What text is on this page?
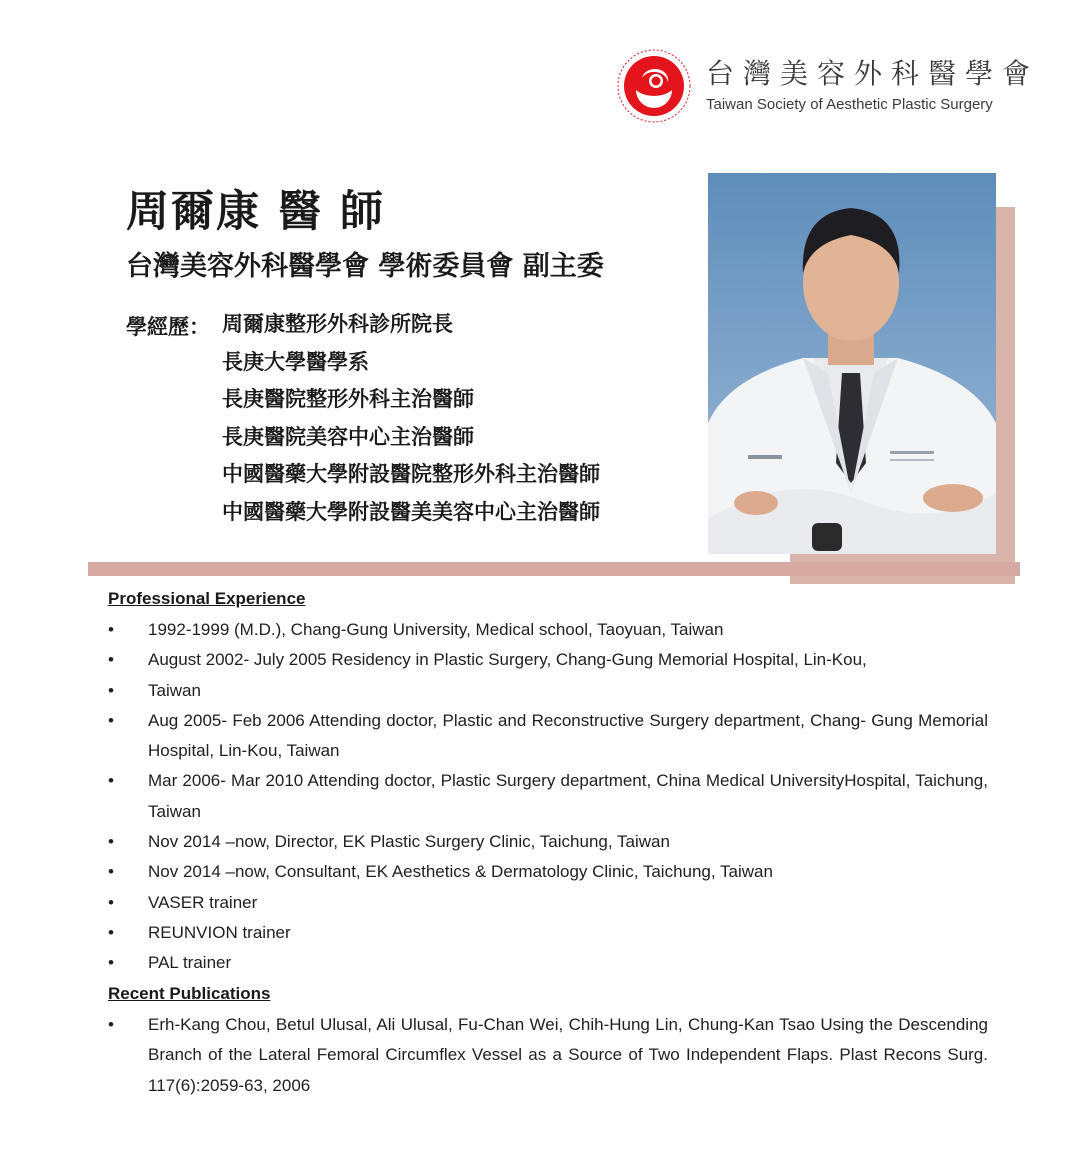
台灣美容外科醫學會
Taiwan Society of Aesthetic Plastic Surgery
周爾康 醫 師
台灣美容外科醫學會 學術委員會 副主委
學經歷： 周爾康整形外科診所院長
長庚大學醫學系
長庚醫院整形外科主治醫師
長庚醫院美容中心主治醫師
中國醫藥大學附設醫院整形外科主治醫師
中國醫藥大學附設醫美美容中心主治醫師
Professional Experience
• 1992-1999 (M.D.), Chang-Gung University, Medical school, Taoyuan, Taiwan
• August 2002- July 2005 Residency in Plastic Surgery, Chang-Gung Memorial Hospital, Lin-Kou,
• Taiwan
• Aug 2005- Feb 2006 Attending doctor, Plastic and Reconstructive Surgery department, Chang- Gung Memorial Hospital, Lin-Kou, Taiwan
• Mar 2006- Mar 2010 Attending doctor, Plastic Surgery department, China Medical UniversityHospital, Taichung, Taiwan
• Nov 2014 –now, Director, EK Plastic Surgery Clinic, Taichung, Taiwan
• Nov 2014 –now, Consultant, EK Aesthetics & Dermatology Clinic, Taichung, Taiwan
• VASER trainer
• REUNVION trainer
• PAL trainer
Recent Publications
• Erh-Kang Chou, Betul Ulusal, Ali Ulusal, Fu-Chan Wei, Chih-Hung Lin, Chung-Kan Tsao Using the Descending Branch of the Lateral Femoral Circumflex Vessel as a Source of Two Independent Flaps. Plast Recons Surg. 117(6):2059-63, 2006
